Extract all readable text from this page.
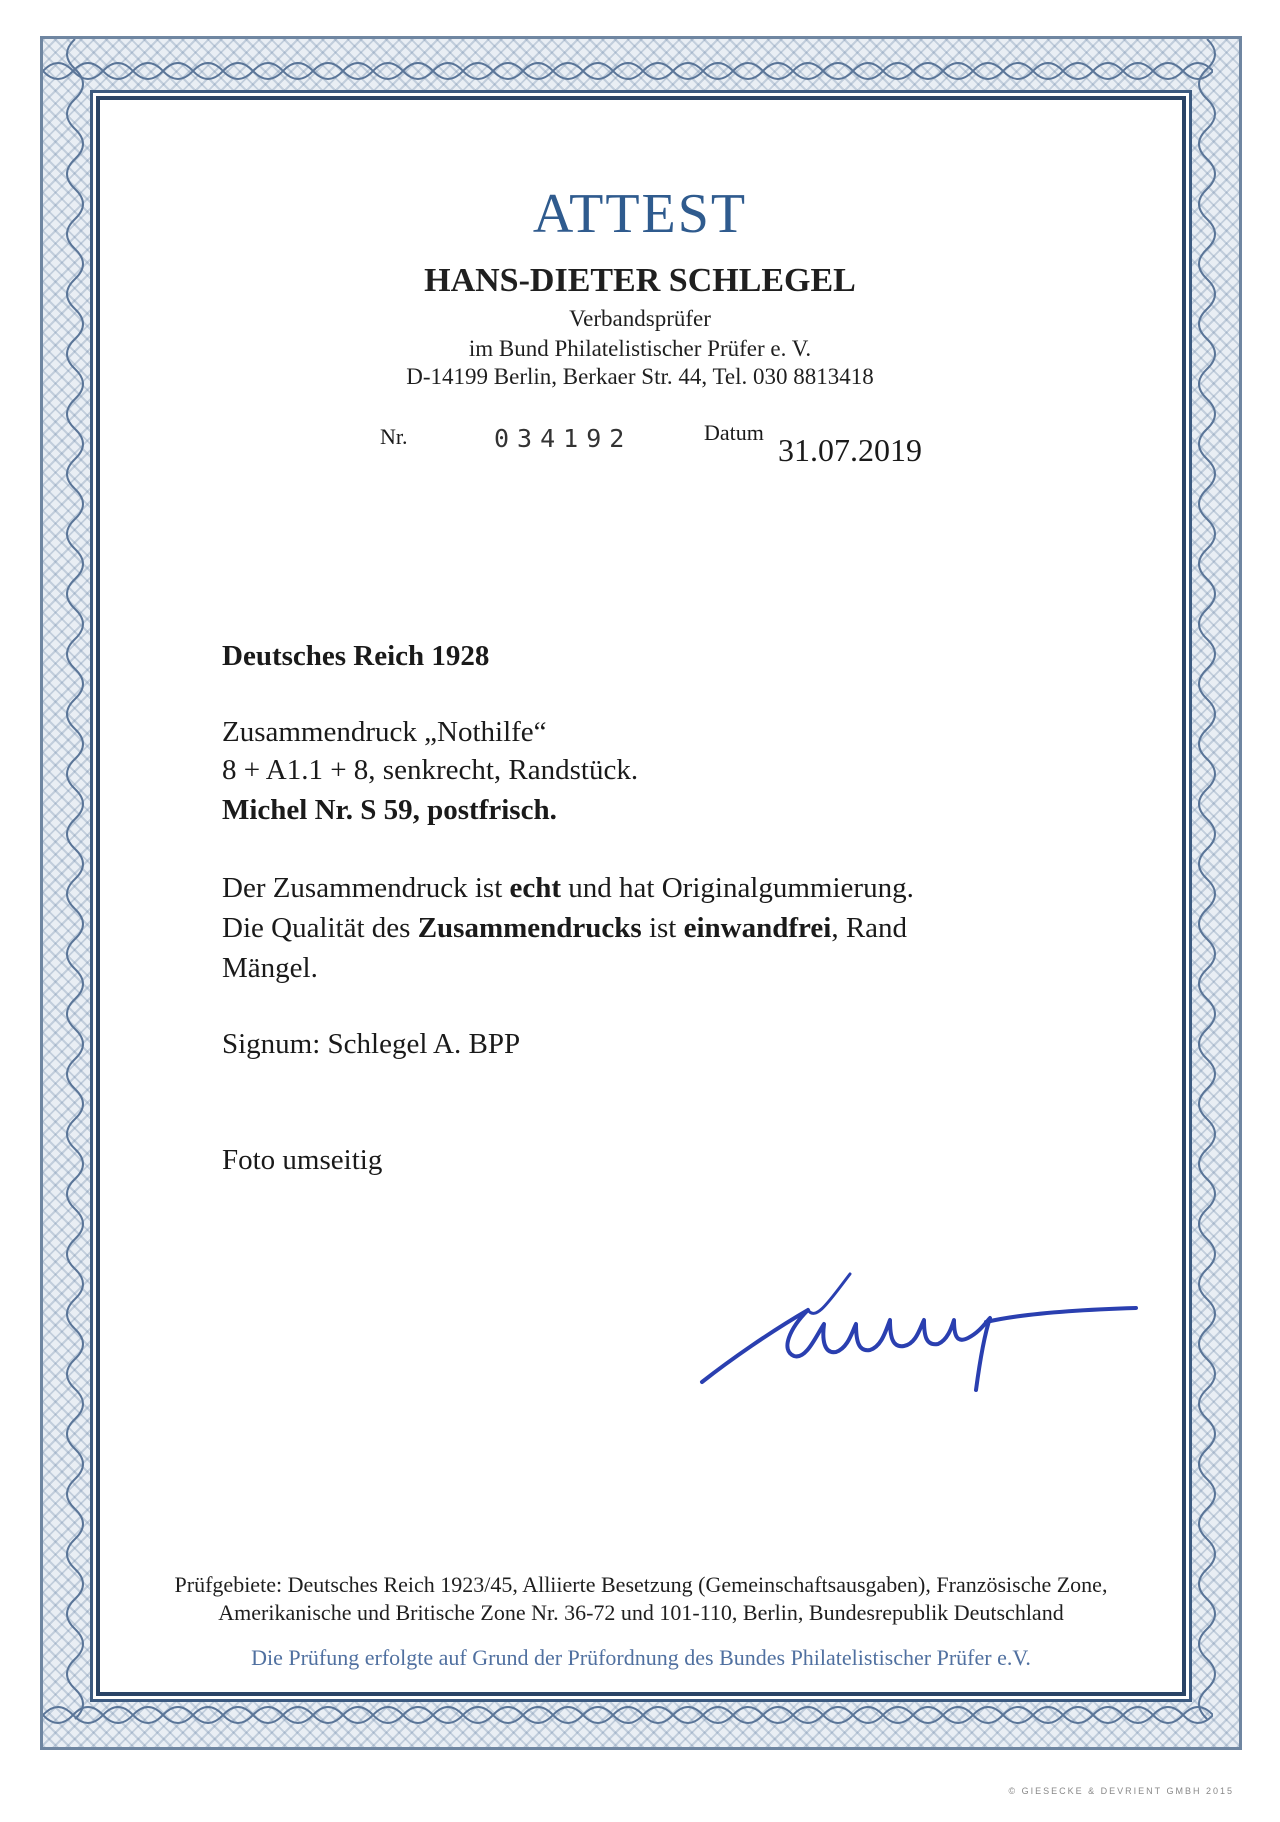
ATTEST
HANS-DIETER SCHLEGEL
Verbandsprüfer
im Bund Philatelistischer Prüfer e. V.
D-14199 Berlin, Berkaer Str. 44, Tel. 030 8813418
Nr.	034192	Datum 31.07.2019
Deutsches Reich 1928
Zusammendruck „Nothilfe“
8 + A1.1 + 8, senkrecht, Randstück.
Michel Nr. S 59, postfrisch.
Der Zusammendruck ist echt und hat Originalgummierung.
Die Qualität des Zusammendrucks ist einwandfrei, Rand
Mängel.
Signum: Schlegel A. BPP
Foto umseitig
Prüfgebiete: Deutsches Reich 1923/45, Alliierte Besetzung (Gemeinschaftsausgaben), Französische Zone,
Amerikanische und Britische Zone Nr. 36-72 und 101-110, Berlin, Bundesrepublik Deutschland
Die Prüfung erfolgte auf Grund der Prüfordnung des Bundes Philatelistischer Prüfer e.V.
© GIESECKE & DEVRIENT GMBH 2015
